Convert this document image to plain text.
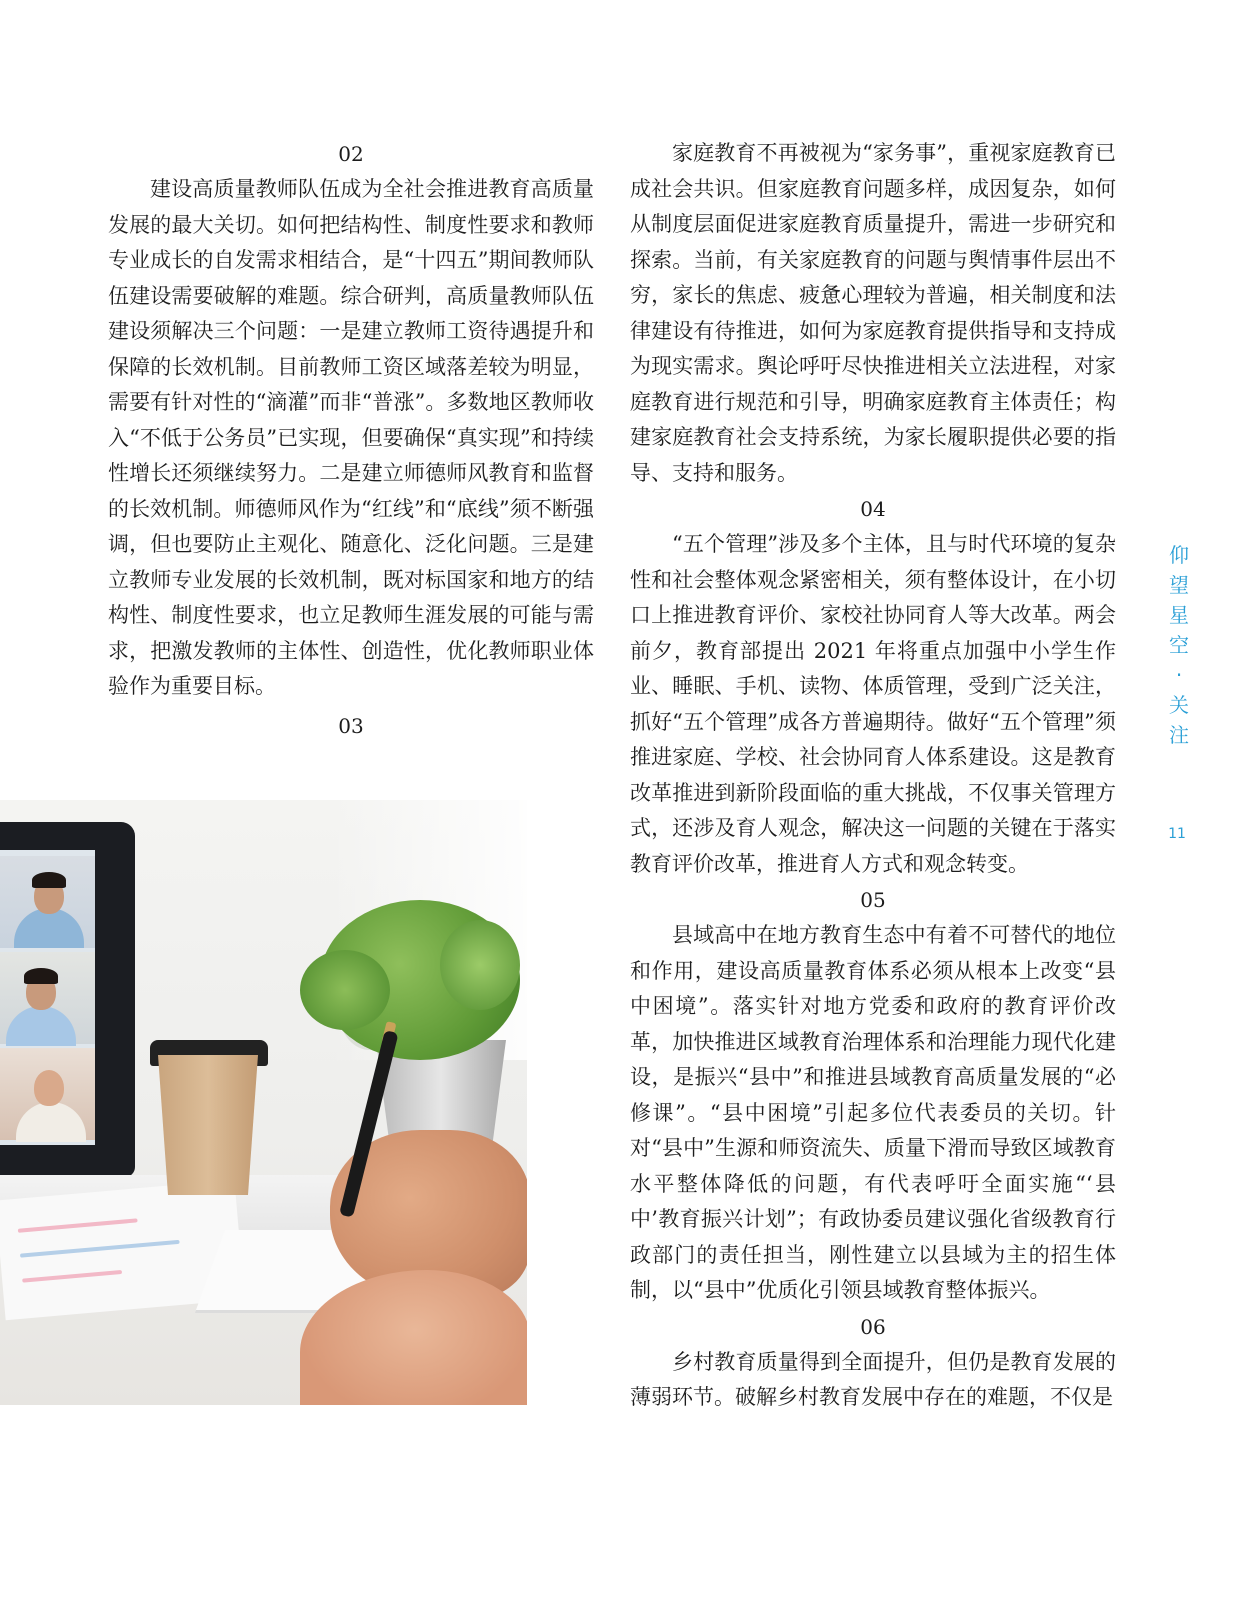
02

建设高质量教师队伍成为全社会推进教育高质量发展的最大关切。如何把结构性、制度性要求和教师专业成长的自发需求相结合，是“十四五”期间教师队伍建设需要破解的难题。综合研判，高质量教师队伍建设须解决三个问题：一是建立教师工资待遇提升和保障的长效机制。目前教师工资区域落差较为明显，需要有针对性的“滴灌”而非“普涨”。多数地区教师收入“不低于公务员”已实现，但要确保“真实现”和持续性增长还须继续努力。二是建立师德师风教育和监督的长效机制。师德师风作为“红线”和“底线”须不断强调，但也要防止主观化、随意化、泛化问题。三是建立教师专业发展的长效机制，既对标国家和地方的结构性、制度性要求，也立足教师生涯发展的可能与需求，把激发教师的主体性、创造性，优化教师职业体验作为重要目标。

03

家庭教育不再被视为“家务事”，重视家庭教育已成社会共识。但家庭教育问题多样，成因复杂，如何从制度层面促进家庭教育质量提升，需进一步研究和探索。当前，有关家庭教育的问题与舆情事件层出不穷，家长的焦虑、疲惫心理较为普遍，相关制度和法律建设有待推进，如何为家庭教育提供指导和支持成为现实需求。舆论呼吁尽快推进相关立法进程，对家庭教育进行规范和引导，明确家庭教育主体责任；构建家庭教育社会支持系统，为家长履职提供必要的指导、支持和服务。

04

“五个管理”涉及多个主体，且与时代环境的复杂性和社会整体观念紧密相关，须有整体设计，在小切口上推进教育评价、家校社协同育人等大改革。两会前夕，教育部提出 2021 年将重点加强中小学生作业、睡眠、手机、读物、体质管理，受到广泛关注，抓好“五个管理”成各方普遍期待。做好“五个管理”须推进家庭、学校、社会协同育人体系建设。这是教育改革推进到新阶段面临的重大挑战，不仅事关管理方式，还涉及育人观念，解决这一问题的关键在于落实教育评价改革，推进育人方式和观念转变。

05

县域高中在地方教育生态中有着不可替代的地位和作用，建设高质量教育体系必须从根本上改变“县中困境”。落实针对地方党委和政府的教育评价改革，加快推进区域教育治理体系和治理能力现代化建设，是振兴“县中”和推进县域教育高质量发展的“必修课”。“县中困境”引起多位代表委员的关切。针对“县中”生源和师资流失、质量下滑而导致区域教育水平整体降低的问题，有代表呼吁全面实施“‘县中’教育振兴计划”；有政协委员建议强化省级教育行政部门的责任担当，刚性建立以县域为主的招生体制，以“县中”优质化引领县域教育整体振兴。

06

乡村教育质量得到全面提升，但仍是教育发展的薄弱环节。破解乡村教育发展中存在的难题，不仅是

仰
望
星
空
·
关
注
11
